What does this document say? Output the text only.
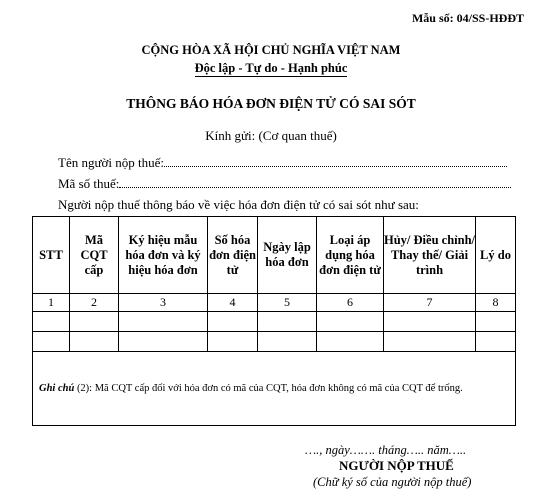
Mẫu số: 04/SS-HĐĐT
CỘNG HÒA XÃ HỘI CHỦ NGHĨA VIỆT NAM
Độc lập - Tự do - Hạnh phúc
THÔNG BÁO HÓA ĐƠN ĐIỆN TỬ CÓ SAI SÓT
Kính gửi: (Cơ quan thuế)
Tên người nộp thuế:
Mã số thuế:
Người nộp thuế thông báo về việc hóa đơn điện tử có sai sót như sau:
STT	Mã CQT cấp	Ký hiệu mẫu hóa đơn và ký hiệu hóa đơn	Số hóa đơn điện tử	Ngày lập hóa đơn	Loại áp dụng hóa đơn điện tử	Hủy/ Điều chỉnh/ Thay thế/ Giải trình	Lý do
1	2	3	4	5	6	7	8

Ghi chú (2): Mã CQT cấp đối với hóa đơn có mã của CQT, hóa đơn không có mã của CQT để trống.							
…., ngày……. tháng….. năm…..
NGƯỜI NỘP THUẾ
(Chữ ký số của người nộp thuế)
